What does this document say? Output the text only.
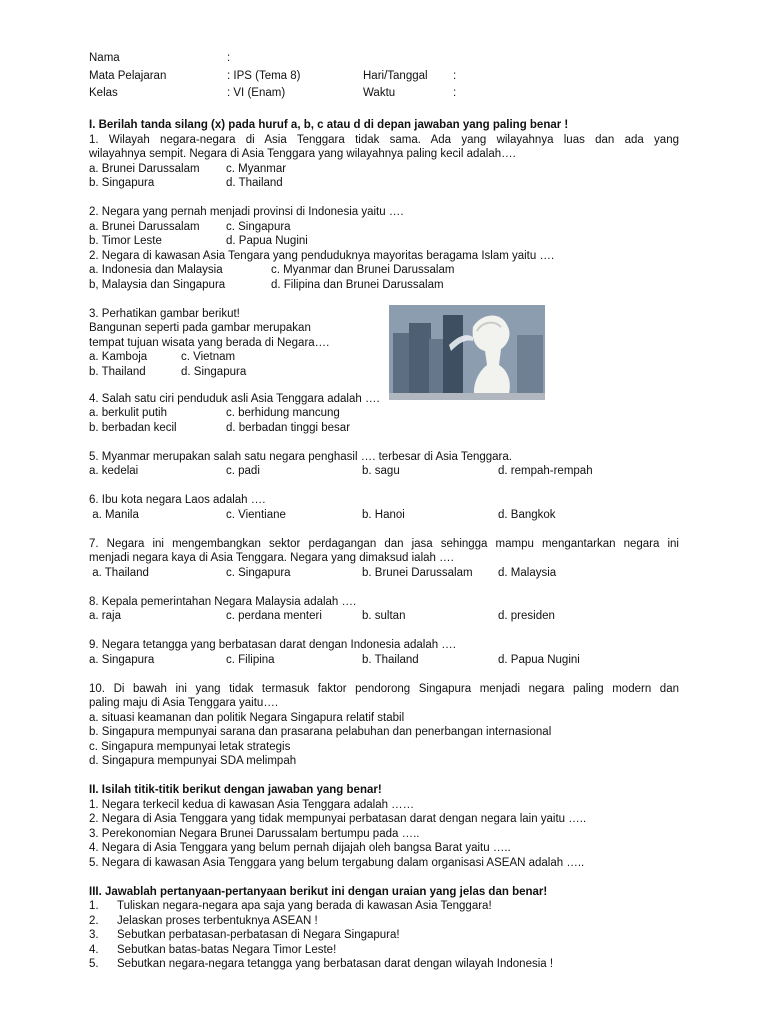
Nama	:
Mata Pelajaran	: IPS (Tema 8)	Hari/Tanggal :
Kelas	: VI (Enam)	Waktu	:
I. Berilah tanda silang (x) pada huruf a, b, c atau d di depan jawaban yang paling benar !
1. Wilayah negara-negara di Asia Tenggara tidak sama. Ada yang wilayahnya luas dan ada yang
wilayahnya sempit. Negara di Asia Tenggara yang wilayahnya paling kecil adalah….
a. Brunei Darussalam c. Myanmar
b. Singapura	d. Thailand
2. Negara yang pernah menjadi provinsi di Indonesia yaitu ….
a. Brunei Darussalam c. Singapura
b. Timor Leste	d. Papua Nugini
2. Negara di kawasan Asia Tengara yang penduduknya mayoritas beragama Islam yaitu ….
a. Indonesia dan Malaysia	c. Myanmar dan Brunei Darussalam
b, Malaysia dan Singapura	d. Filipina dan Brunei Darussalam
3. Perhatikan gambar berikut!
Bangunan seperti pada gambar merupakan
tempat tujuan wisata yang berada di Negara….
a. Kamboja	c. Vietnam
b. Thailand	d. Singapura
4. Salah satu ciri penduduk asli Asia Tenggara adalah ….
a. berkulit putih	c. berhidung mancung
b. berbadan kecil	d. berbadan tinggi besar
5. Myanmar merupakan salah satu negara penghasil …. terbesar di Asia Tenggara.
a. kedelai	c. padi	b. sagu	d. rempah-rempah
6. Ibu kota negara Laos adalah ….
a. Manila	c. Vientiane	b. Hanoi	d. Bangkok
7. Negara ini mengembangkan sektor perdagangan dan jasa sehingga mampu mengantarkan negara ini
menjadi negara kaya di Asia Tenggara. Negara yang dimaksud ialah ….
a. Thailand	c. Singapura	b. Brunei Darussalam d. Malaysia
8. Kepala pemerintahan Negara Malaysia adalah ….
a. raja	c. perdana menteri	b. sultan	d. presiden
9. Negara tetangga yang berbatasan darat dengan Indonesia adalah ….
a. Singapura	c. Filipina	b. Thailand	d. Papua Nugini
10. Di bawah ini yang tidak termasuk faktor pendorong Singapura menjadi negara paling modern dan
paling maju di Asia Tenggara yaitu….
a. situasi keamanan dan politik Negara Singapura relatif stabil
b. Singapura mempunyai sarana dan prasarana pelabuhan dan penerbangan internasional
c. Singapura mempunyai letak strategis
d. Singapura mempunyai SDA melimpah
II. Isilah titik-titik berikut dengan jawaban yang benar!
1. Negara terkecil kedua di kawasan Asia Tenggara adalah ……
2. Negara di Asia Tenggara yang tidak mempunyai perbatasan darat dengan negara lain yaitu …..
3. Perekonomian Negara Brunei Darussalam bertumpu pada …..
4. Negara di Asia Tenggara yang belum pernah dijajah oleh bangsa Barat yaitu …..
5. Negara di kawasan Asia Tenggara yang belum tergabung dalam organisasi ASEAN adalah …..
III. Jawablah pertanyaan-pertanyaan berikut ini dengan uraian yang jelas dan benar!
1. Tuliskan negara-negara apa saja yang berada di kawasan Asia Tenggara!
2. Jelaskan proses terbentuknya ASEAN !
3. Sebutkan perbatasan-perbatasan di Negara Singapura!
4. Sebutkan batas-batas Negara Timor Leste!
5. Sebutkan negara-negara tetangga yang berbatasan darat dengan wilayah Indonesia !
